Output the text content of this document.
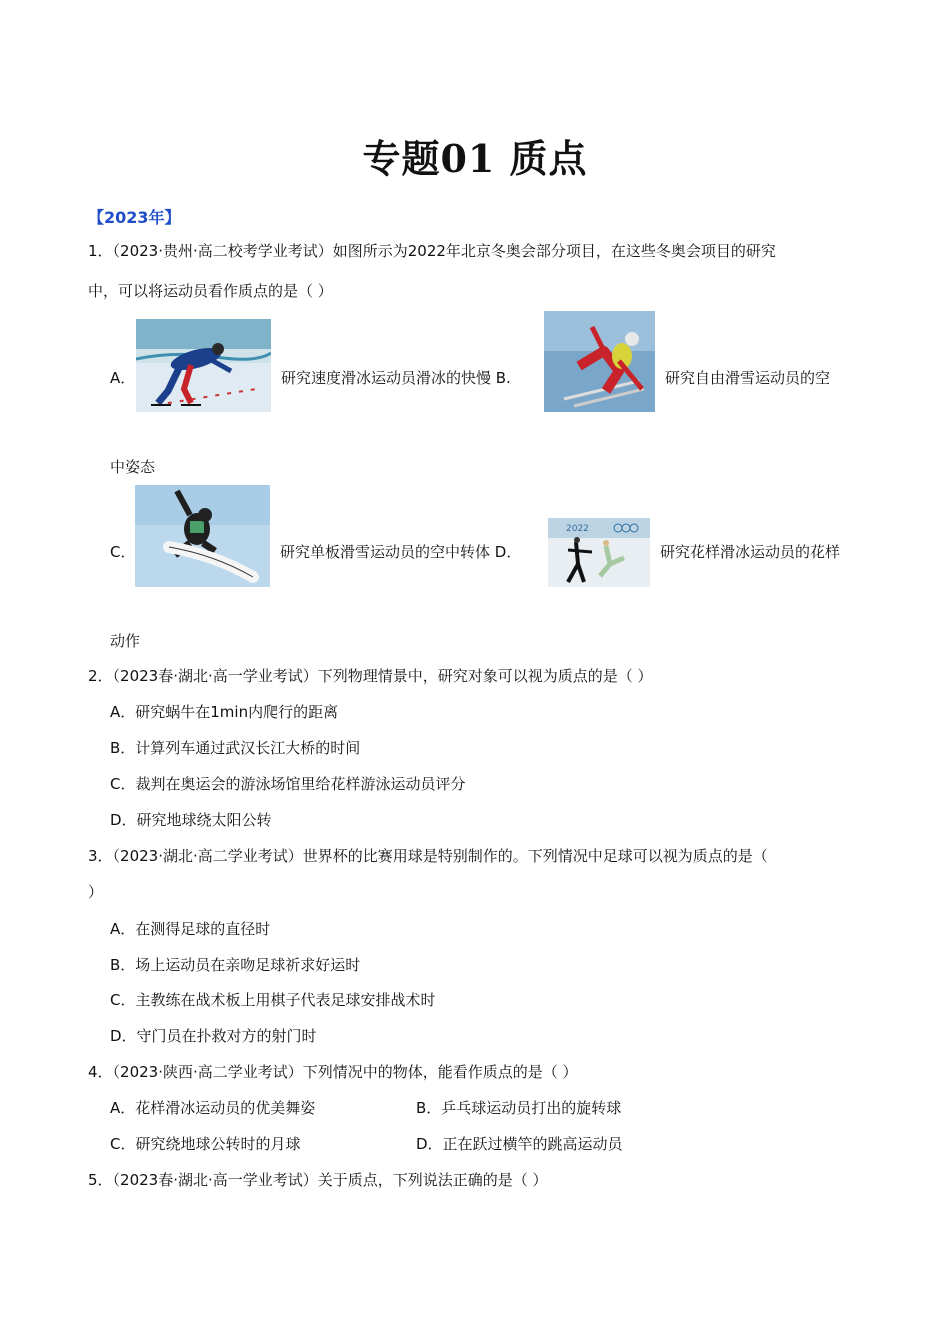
专题01 质点
【2023年】
1．（2023·贵州·高二校考学业考试）如图所示为2022年北京冬奥会部分项目，在这些冬奥会项目的研究
中，可以将运动员看作质点的是（ ）
A．	研究速度滑冰运动员滑冰的快慢 B.	研究自由滑雪运动员的空
中姿态
C．	研究单板滑雪运动员的空中转体 D．
2022
研究花样滑冰运动员的花样
动作
2．（2023春·湖北·高一学业考试）下列物理情景中，研究对象可以视为质点的是（ ）
A．研究蜗牛在1min内爬行的距离
B．计算列车通过武汉长江大桥的时间
C．裁判在奥运会的游泳场馆里给花样游泳运动员评分
D．研究地球绕太阳公转
3．（2023·湖北·高二学业考试）世界杯的比赛用球是特别制作的。下列情况中足球可以视为质点的是（
）
A．在测得足球的直径时
B．场上运动员在亲吻足球祈求好运时
C．主教练在战术板上用棋子代表足球安排战术时
D．守门员在扑救对方的射门时
4．（2023·陕西·高二学业考试）下列情况中的物体，能看作质点的是（ ）
A．花样滑冰运动员的优美舞姿	B．乒乓球运动员打出的旋转球
C．研究绕地球公转时的月球	D．正在跃过横竿的跳高运动员
5．（2023春·湖北·高一学业考试）关于质点，下列说法正确的是（ ）
